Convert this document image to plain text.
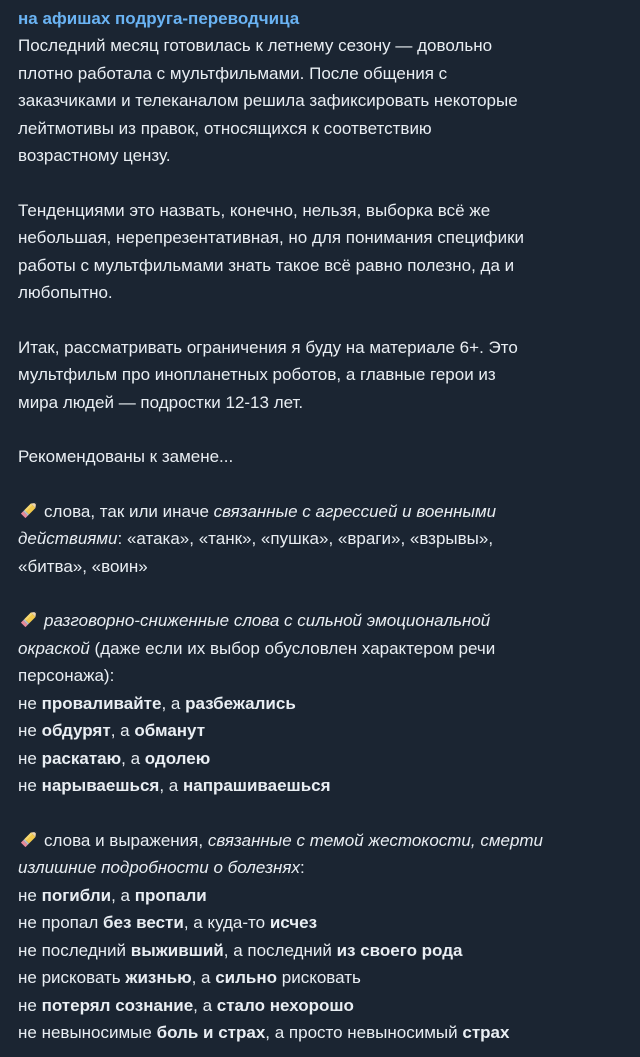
на афишах подруга-переводчица
Последний месяц готовилась к летнему сезону — довольно
плотно работала с мультфильмами. После общения с
заказчиками и телеканалом решила зафиксировать некоторые
лейтмотивы из правок, относящихся к соответствию
возрастному цензу.
Тенденциями это назвать, конечно, нельзя, выборка всё же
небольшая, нерепрезентативная, но для понимания специфики
работы с мультфильмами знать такое всё равно полезно, да и
любопытно.
Итак, рассматривать ограничения я буду на материале 6+. Это
мультфильм про инопланетных роботов, а главные герои из
мира людей — подростки 12-13 лет.
Рекомендованы к замене...
слова, так или иначе связанные с агрессией и военными
действиями: «атака», «танк», «пушка», «враги», «взрывы»,
«битва», «воин»
разговорно-сниженные слова с сильной эмоциональной
окраской (даже если их выбор обусловлен характером речи
персонажа):
не проваливайте, а разбежались
не обдурят, а обманут
не раскатаю, а одолею
не нарываешься, а напрашиваешься
слова и выражения, связанные с темой жестокости, смерти
излишние подробности о болезнях:
не погибли, а пропали
не пропал без вести, а куда-то исчез
не последний выживший, а последний из своего рода
не рисковать жизнью, а сильно рисковать
не потерял сознание, а стало нехорошо
не невыносимые боль и страх, а просто невыносимый страх
